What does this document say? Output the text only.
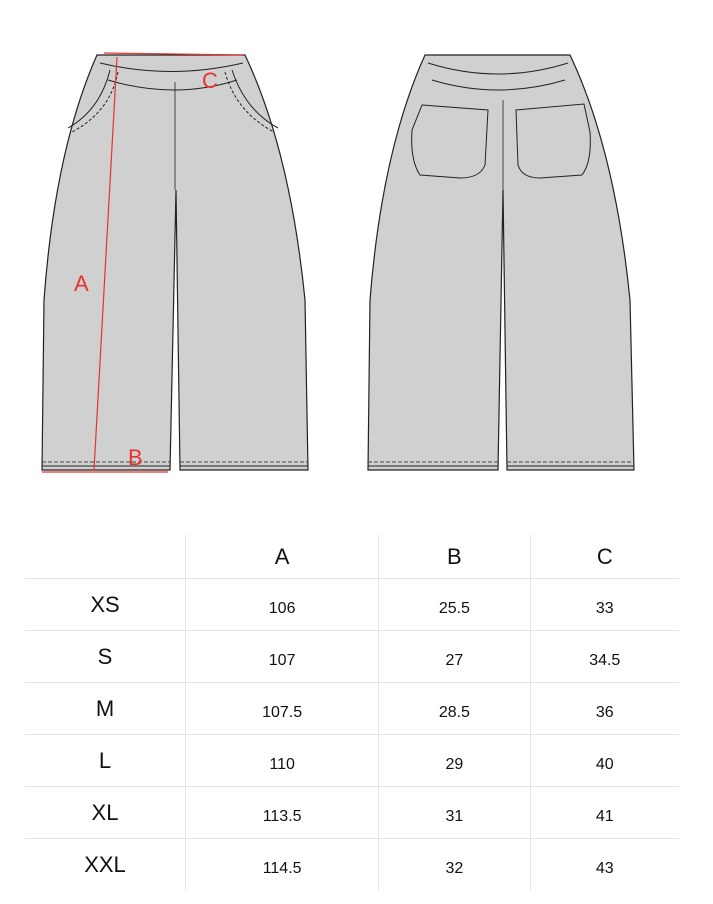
A
B
C
	A	B	C
XS	106	25.5	33
S	107	27	34.5
M	107.5	28.5	36
L	110	29	40
XL	113.5	31	41
XXL	114.5	32	43
